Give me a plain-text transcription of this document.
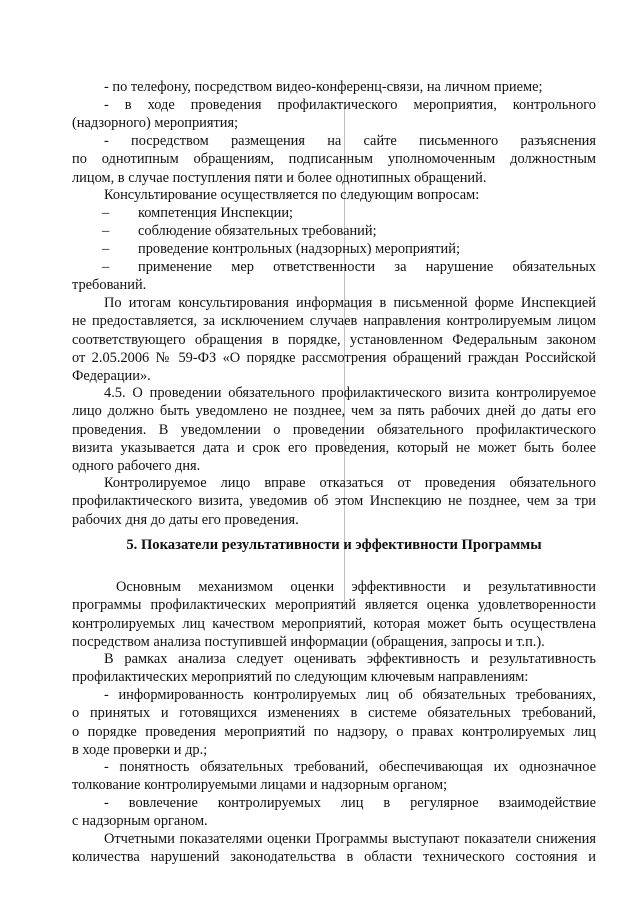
- по телефону, посредством видео-конференц-связи, на личном приеме;
- в ходе проведения профилактического мероприятия, контрольного
(надзорного) мероприятия;
- посредством размещения на сайте письменного разъяснения
по однотипным обращениям, подписанным уполномоченным должностным
лицом, в случае поступления пяти и более однотипных обращений.
Консультирование осуществляется по следующим вопросам:
– компетенция Инспекции;
– соблюдение обязательных требований;
– проведение контрольных (надзорных) мероприятий;
–	применение мер ответственности за нарушение обязательных
требований.
По итогам консультирования информация в письменной форме Инспекцией
не предоставляется, за исключением случаев направления контролируемым лицом
соответствующего обращения в порядке, установленном Федеральным законом
от 2.05.2006 № 59-ФЗ «О порядке рассмотрения обращений граждан Российской
Федерации».
4.5. О проведении обязательного профилактического визита контролируемое
лицо должно быть уведомлено не позднее, чем за пять рабочих дней до даты его
проведения. В уведомлении о проведении обязательного профилактического
визита указывается дата и срок его проведения, который не может быть более
одного рабочего дня.
Контролируемое лицо вправе отказаться от проведения обязательного
профилактического визита, уведомив об этом Инспекцию не позднее, чем за три
рабочих дня до даты его проведения.
5. Показатели результативности и эффективности Программы
Основным механизмом оценки эффективности и результативности
программы профилактических мероприятий является оценка удовлетворенности
контролируемых лиц качеством мероприятий, которая может быть осуществлена
посредством анализа поступившей информации (обращения, запросы и т.п.).
В рамках анализа следует оценивать эффективность и результативность
профилактических мероприятий по следующим ключевым направлениям:
- информированность контролируемых лиц об обязательных требованиях,
о принятых и готовящихся изменениях в системе обязательных требований,
о порядке проведения мероприятий по надзору, о правах контролируемых лиц
в ходе проверки и др.;
- понятность обязательных требований, обеспечивающая их однозначное
толкование контролируемыми лицами и надзорным органом;
- вовлечение контролируемых лиц в регулярное взаимодействие
с надзорным органом.
Отчетными показателями оценки Программы выступают показатели снижения
количества нарушений законодательства в области технического состояния и
